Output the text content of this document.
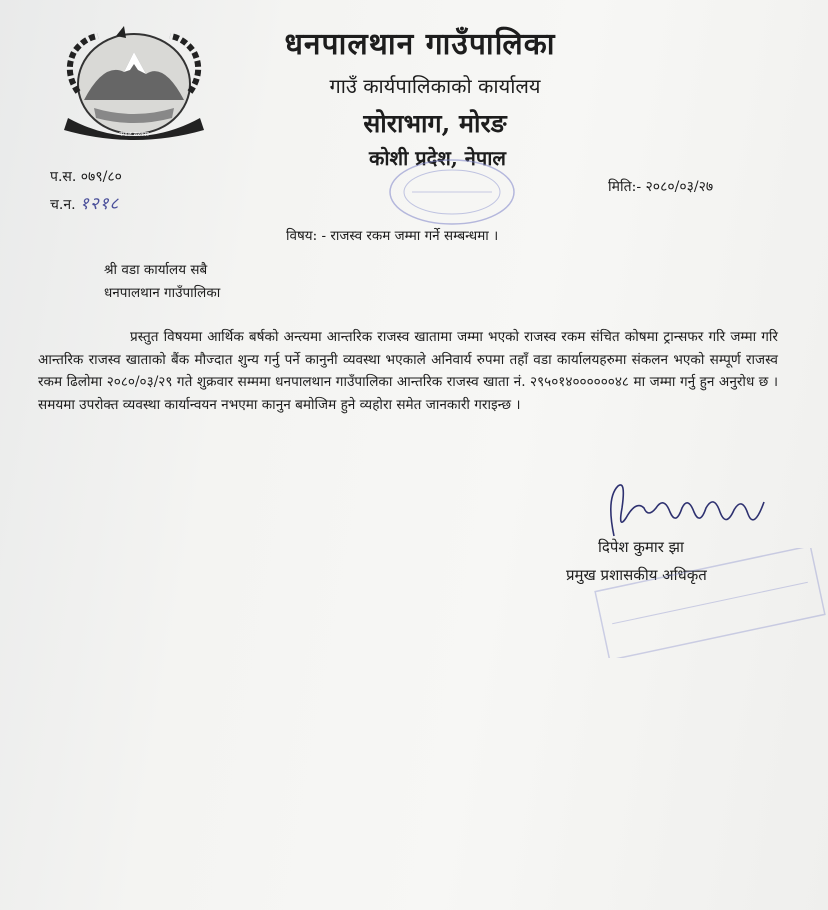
नेपाल सरकार
धनपालथान गाउँपालिका
गाउँ कार्यपालिकाको कार्यालय
सोराभाग, मोरङ
कोशी प्रदेश, नेपाल
प.स. ०७९/८०
च.न. १२१८
मिति:- २०८०/०३/२७
विषय: - राजस्व रकम जम्मा गर्ने सम्बन्धमा ।
श्री वडा कार्यालय सबै
धनपालथान गाउँपालिका
प्रस्तुत विषयमा आर्थिक बर्षको अन्त्यमा आन्तरिक राजस्व खातामा जम्मा भएको राजस्व रकम संचित कोषमा ट्रान्सफर गरि जम्मा गरि आन्तरिक राजस्व खाताको बैंक मौज्दात शुन्य गर्नु पर्ने कानुनी व्यवस्था भएकाले अनिवार्य रुपमा तहाँ वडा कार्यालयहरुमा संकलन भएको सम्पूर्ण राजस्व रकम ढिलोमा २०८०/०३/२९ गते शुक्रवार सम्ममा धनपालथान गाउँपालिका आन्तरिक राजस्व खाता नं. २९५०१४००००००४८ मा जम्मा गर्नु हुन अनुरोध छ । समयमा उपरोक्त व्यवस्था कार्यान्वयन नभएमा कानुन बमोजिम हुने व्यहोरा समेत जानकारी गराइन्छ ।
दिपेश कुमार झा
प्रमुख प्रशासकीय अधिकृत
